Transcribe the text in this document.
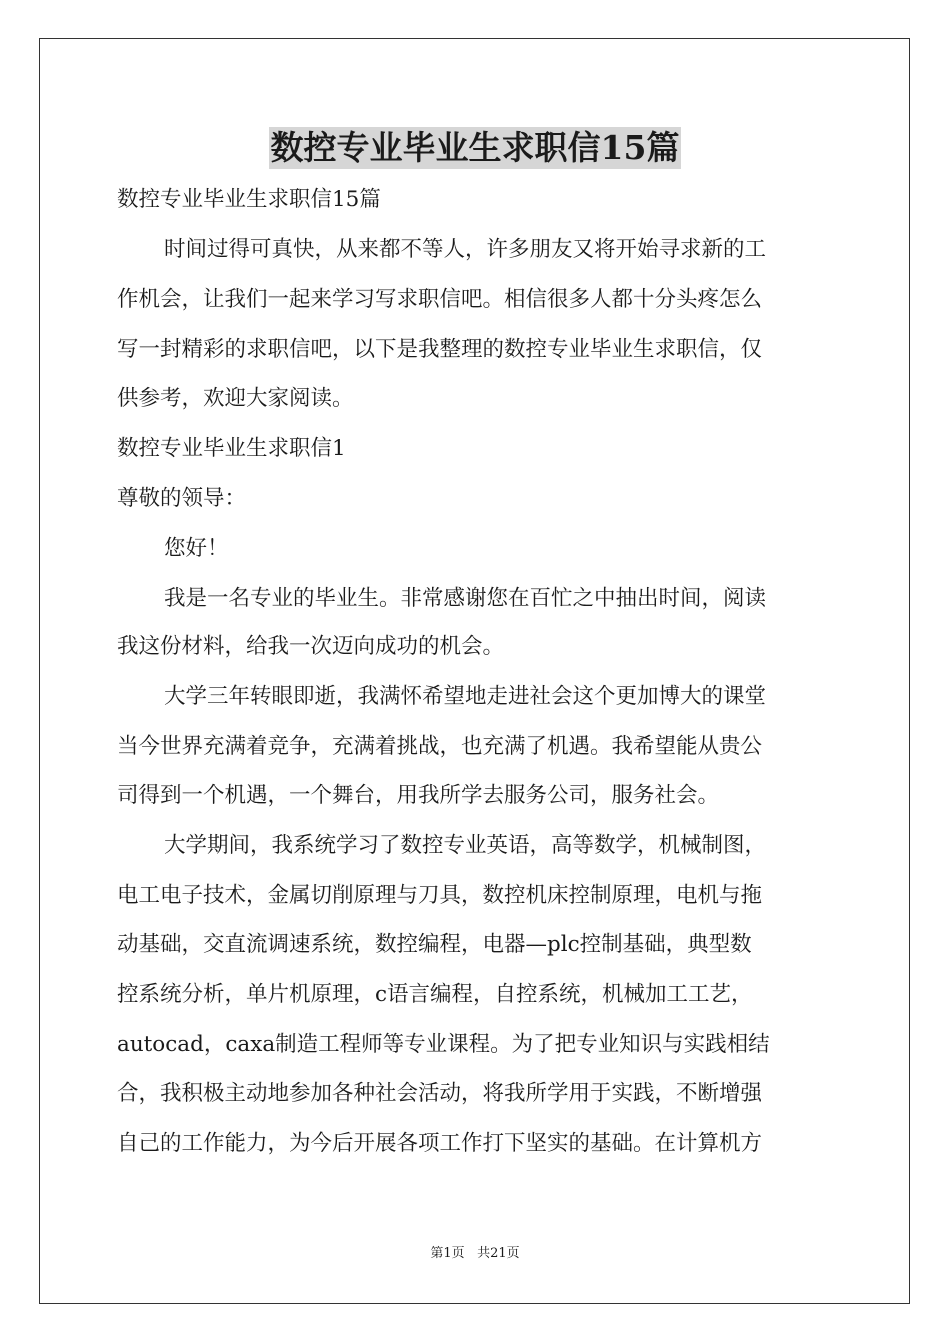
数控专业毕业生求职信15篇
数控专业毕业生求职信15篇
时间过得可真快，从来都不等人，许多朋友又将开始寻求新的工
作机会，让我们一起来学习写求职信吧。相信很多人都十分头疼怎么
写一封精彩的求职信吧，以下是我整理的数控专业毕业生求职信，仅
供参考，欢迎大家阅读。
数控专业毕业生求职信1
尊敬的领导：
您好！
我是一名专业的毕业生。非常感谢您在百忙之中抽出时间，阅读
我这份材料，给我一次迈向成功的机会。
大学三年转眼即逝，我满怀希望地走进社会这个更加博大的课堂
当今世界充满着竞争，充满着挑战，也充满了机遇。我希望能从贵公
司得到一个机遇，一个舞台，用我所学去服务公司，服务社会。
大学期间，我系统学习了数控专业英语，高等数学，机械制图，
电工电子技术，金属切削原理与刀具，数控机床控制原理，电机与拖
动基础，交直流调速系统，数控编程，电器—plc控制基础，典型数
控系统分析，单片机原理，c语言编程，自控系统，机械加工工艺，
autocad，caxa制造工程师等专业课程。为了把专业知识与实践相结
合，我积极主动地参加各种社会活动，将我所学用于实践，不断增强
自己的工作能力，为今后开展各项工作打下坚实的基础。在计算机方
第1页 共21页
